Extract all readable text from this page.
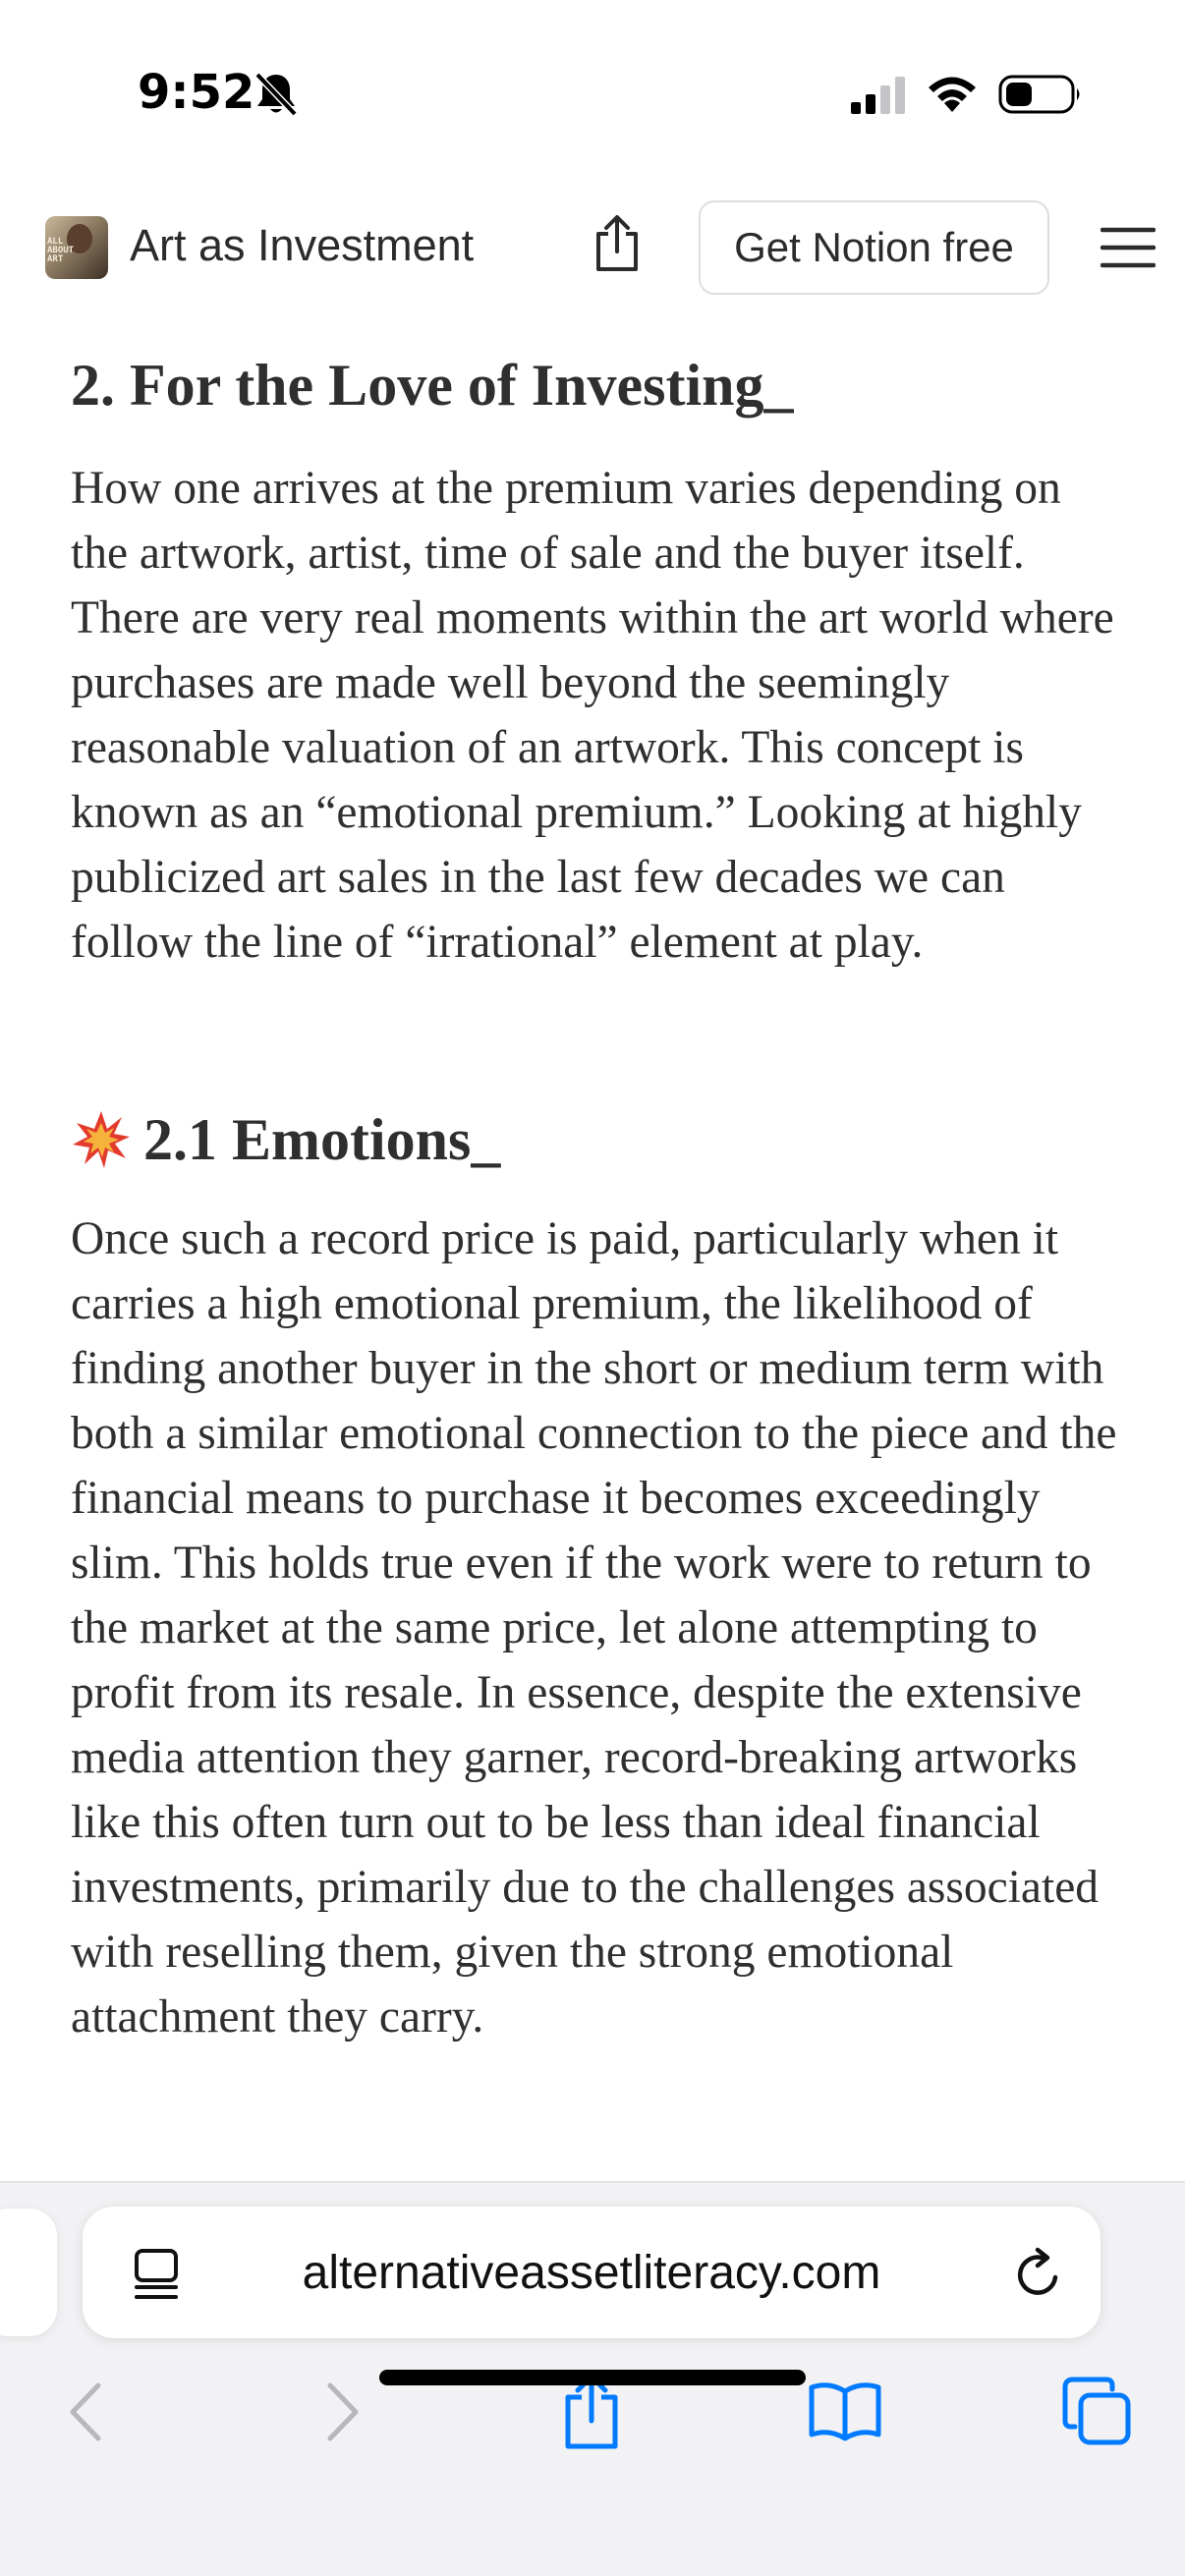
9:52
ALL ABOUT ART	Art as Investment	Get Notion free
2. For the Love of Investing_

How one arrives at the premium varies depending on the artwork, artist, time of sale and the buyer itself. There are very real moments within the art world where purchases are made well beyond the seemingly reasonable valuation of an artwork. This concept is known as an “emotional premium.” Looking at highly publicized art sales in the last few decades we can follow the line of “irrational” element at play.

2.1 Emotions_

Once such a record price is paid, particularly when it carries a high emotional premium, the likelihood of finding another buyer in the short or medium term with both a similar emotional connection to the piece and the financial means to purchase it becomes exceedingly slim. This holds true even if the work were to return to the market at the same price, let alone attempting to profit from its resale. In essence, despite the extensive media attention they garner, record-breaking artworks like this often turn out to be less than ideal financial investments, primarily due to the challenges associated with reselling them, given the strong emotional attachment they carry.

alternativeassetliteracy.com
